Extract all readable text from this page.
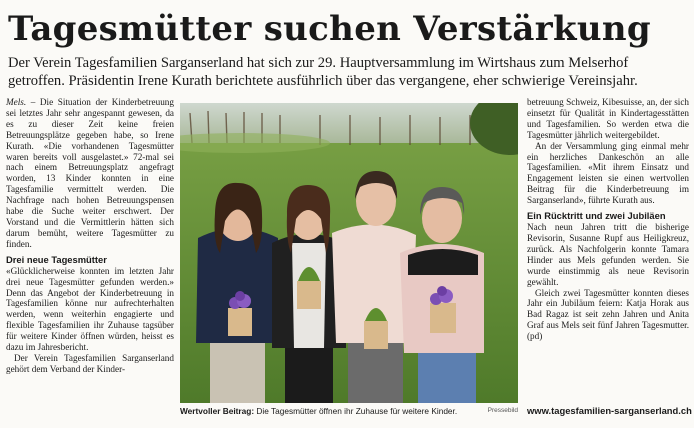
Tagesmütter suchen Verstärkung
Der Verein Tagesfamilien Sarganserland hat sich zur 29. Hauptversammlung im Wirtshaus zum Melserhof getroffen. Präsidentin Irene Kurath berichtete ausführlich über das vergangene, eher schwierige Vereinsjahr.

Mels. – Die Situation der Kinderbetreuung sei letztes Jahr sehr angespannt gewesen, da es zu dieser Zeit keine freien Betreuungsplätze gegeben habe, so Irene Kurath. «Die vorhandenen Tagesmütter waren bereits voll ausgelastet.» 72-mal sei nach einem Betreuungsplatz angefragt worden, 13 Kinder konnten in eine Tagesfamilie vermittelt werden. Die Nachfrage nach hohen Betreuungspensen habe die Suche weiter erschwert. Der Vorstand und die Vermittlerin hätten sich darum bemüht, weitere Tagesmütter zu finden.

Drei neue Tagesmütter

«Glücklicherweise konnten im letzten Jahr drei neue Tagesmütter gefunden werden.» Denn das Angebot der Kinderbetreuung in Tagesfamilien könne nur aufrechterhalten werden, wenn weiterhin engagierte und flexible Tagesfamilien ihr Zuhause tagsüber für weitere Kinder öffnen würden, heisst es dazu im Jahresbericht.

Der Verein Tagesfamilien Sarganserland gehört dem Verband der Kinder-

Wertvoller Beitrag: Die Tagesmütter öffnen ihr Zuhause für weitere Kinder.	Pressebild

betreuung Schweiz, Kibesuisse, an, der sich einsetzt für Qualität in Kindertagesstätten und Tagesfamilien. So werden etwa die Tagesmütter jährlich weitergebildet.

An der Versammlung ging einmal mehr ein herzliches Dankeschön an alle Tagesfamilien. «Mit ihrem Einsatz und Engagement leisten sie einen wertvollen Beitrag für die Kinderbetreuung im Sarganserland», führte Kurath aus.

Ein Rücktritt und zwei Jubiläen

Nach neun Jahren tritt die bisherige Revisorin, Susanne Rupf aus Heiligkreuz, zurück. Als Nachfolgerin konnte Tamara Hinder aus Mels gefunden werden. Sie wurde einstimmig als neue Revisorin gewählt.

Gleich zwei Tagesmütter konnten dieses Jahr ein Jubiläum feiern: Katja Horak aus Bad Ragaz ist seit zehn Jahren und Anita Graf aus Mels seit fünf Jahren Tagesmutter. (pd)

www.tagesfamilien-sarganserland.ch
